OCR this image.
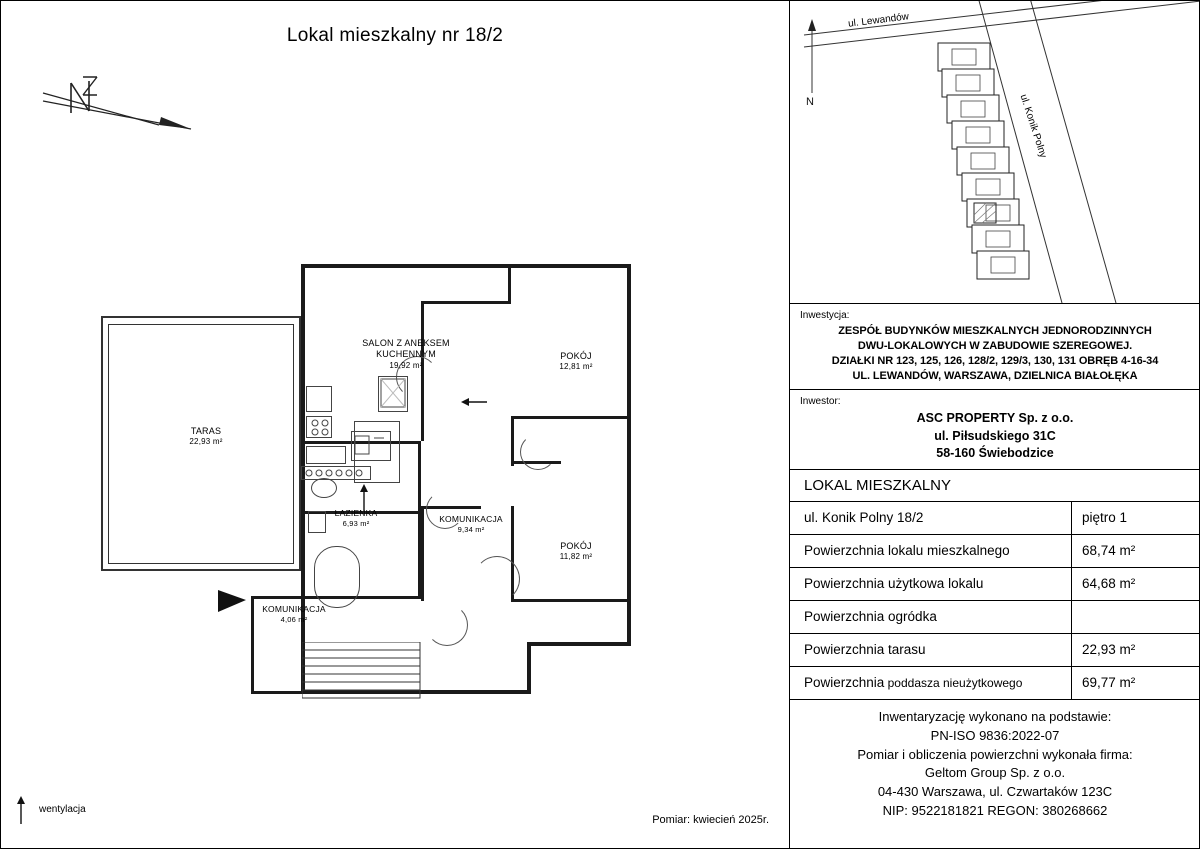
Lokal mieszkalny nr 18/2
TARAS
22,93 m²
SALON Z ANEKSEM
KUCHENNYM
19,92 m²
POKÓJ
12,81 m²
POKÓJ
11,82 m²
ŁAZIENKA
6,93 m²	KOMUNIKACJA
9,34 m²
KOMUNIKACJA
4,06 m²
wentylacja
Pomiar: kwiecień 2025r.
ul. Lewandów
ul. Konik Polny
N
Inwestycja:
ZESPÓŁ BUDYNKÓW MIESZKALNYCH JEDNORODZINNYCH
DWU-LOKALOWYCH W ZABUDOWIE SZEREGOWEJ.
DZIAŁKI NR 123, 125, 126, 128/2, 129/3, 130, 131 OBRĘB 4-16-34
UL. LEWANDÓW, WARSZAWA, DZIELNICA BIAŁOŁĘKA
Inwestor:
ASC PROPERTY Sp. z o.o.
ul. Piłsudskiego 31C
58-160 Świebodzice
LOKAL MIESZKALNY
ul. Konik Polny 18/2	piętro 1
Powierzchnia lokalu mieszkalnego	68,74 m²
Powierzchnia użytkowa lokalu	64,68 m²
Powierzchnia ogródka	
Powierzchnia tarasu	22,93 m²
Powierzchnia poddasza nieużytkowego	69,77 m²
Inwentaryzację wykonano na podstawie:
PN-ISO 9836:2022-07
Pomiar i obliczenia powierzchni wykonała firma:
Geltom Group Sp. z o.o.
04-430 Warszawa, ul. Czwartaków 123C
NIP: 9522181821 REGON: 380268662
